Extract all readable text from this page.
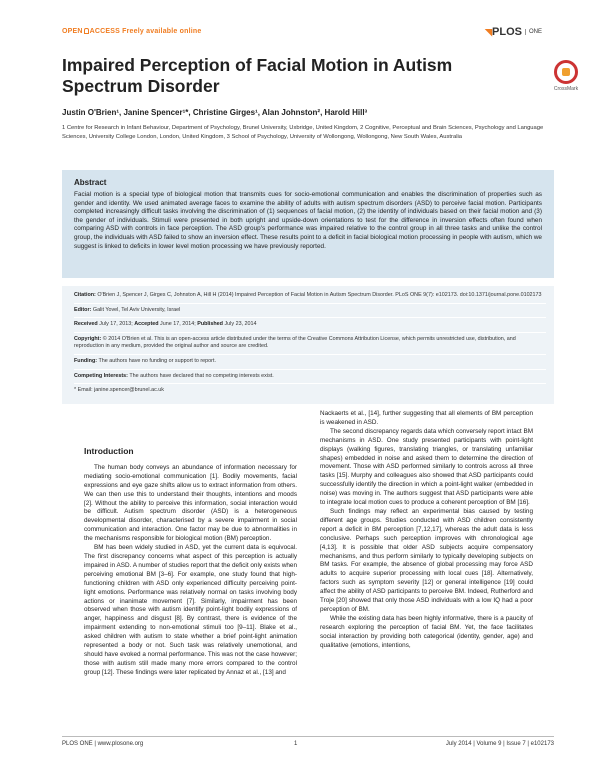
OPEN ACCESS Freely available online	◥PLOS ONE
Impaired Perception of Facial Motion in Autism Spectrum Disorder	CrossMark
Justin O'Brien¹, Janine Spencer¹*, Christine Girges¹, Alan Johnston², Harold Hill³
1 Centre for Research in Infant Behaviour, Department of Psychology, Brunel University, Uxbridge, United Kingdom, 2 Cognitive, Perceptual and Brain Sciences, Psychology and Language Sciences, University College London, London, United Kingdom, 3 School of Psychology, University of Wollongong, Wollongong, New South Wales, Australia
Abstract

Facial motion is a special type of biological motion that transmits cues for socio-emotional communication and enables the discrimination of properties such as gender and identity. We used animated average faces to examine the ability of adults with autism spectrum disorders (ASD) to perceive facial motion. Participants completed increasingly difficult tasks involving the discrimination of (1) sequences of facial motion, (2) the identity of individuals based on their facial motion and (3) the gender of individuals. Stimuli were presented in both upright and upside-down orientations to test for the difference in inversion effects often found when comparing ASD with controls in face perception. The ASD group's performance was impaired relative to the control group in all three tasks and unlike the control group, the individuals with ASD failed to show an inversion effect. These results point to a deficit in facial biological motion processing in people with autism, which we suggest is linked to deficits in lower level motion processing we have previously reported.

Citation: O'Brien J, Spencer J, Girges C, Johnston A, Hill H (2014) Impaired Perception of Facial Motion in Autism Spectrum Disorder. PLoS ONE 9(7): e102173. doi:10.1371/journal.pone.0102173
Editor: Galit Yovel, Tel Aviv University, Israel
Received July 17, 2013; Accepted June 17, 2014; Published July 23, 2014
Copyright: © 2014 O'Brien et al. This is an open-access article distributed under the terms of the Creative Commons Attribution License, which permits unrestricted use, distribution, and reproduction in any medium, provided the original author and source are credited.
Funding: The authors have no funding or support to report.
Competing Interests: The authors have declared that no competing interests exist.
* Email: janine.spencer@brunel.ac.uk
Introduction

The human body conveys an abundance of information necessary for mediating socio-emotional communication [1]. Bodily movements, facial expressions and eye gaze shifts allow us to extract information from others. We can then use this to understand their thoughts, intentions and moods [2]. Without the ability to perceive this information, social interaction would be difficult. Autism spectrum disorder (ASD) is a heterogeneous developmental disorder, characterised by a severe impairment in social communication and interaction. One factor may be due to abnormalities in the mechanisms responsible for biological motion (BM) perception.

BM has been widely studied in ASD, yet the current data is equivocal. The first discrepancy concerns what aspect of this perception is actually impaired in ASD. A number of studies report that the deficit only exists when perceiving emotional BM [3–6]. For example, one study found that high-functioning children with ASD only experienced difficulty perceiving point-light emotions. Performance was relatively normal on tasks involving body actions or inanimate movement [7]. Similarly, impairment has been observed when those with autism identify point-light bodily expressions of anger, happiness and disgust [8]. By contrast, there is evidence of the impairment extending to non-emotional stimuli too [9–11]. Blake et al., asked children with autism to state whether a brief point-light animation represented a body or not. Such task was relatively unemotional, and should have evoked a normal performance. This was not the case however; those with autism still made many more errors compared to the control group [12]. These findings were later replicated by Annaz et al., [13] and

Nackaerts et al., [14], further suggesting that all elements of BM perception is weakened in ASD.

The second discrepancy regards data which conversely report intact BM mechanisms in ASD. One study presented participants with point-light displays (walking figures, translating triangles, or translating unfamiliar shapes) embedded in noise and asked them to determine the direction of movement. Those with ASD performed similarly to controls across all three tasks [15]. Murphy and colleagues also showed that ASD participants could successfully identify the direction in which a point-light walker (embedded in noise) was moving in. The authors suggest that ASD participants were able to integrate local motion cues to produce a coherent perception of BM [16].

Such findings may reflect an experimental bias caused by testing different age groups. Studies conducted with ASD children consistently report a deficit in BM perception [7,12,17], whereas the adult data is less conclusive. Perhaps such perception improves with chronological age [4,13]. It is possible that older ASD subjects acquire compensatory mechanisms, and thus perform similarly to typically developing subjects on BM tasks. For example, the absence of global processing may force ASD adults to acquire superior processing with local cues [18]. Alternatively, factors such as symptom severity [12] or general intelligence [19] could affect the ability of ASD participants to perceive BM. Indeed, Rutherford and Troje [20] showed that only those ASD individuals with a low IQ had a poor perception of BM.

While the existing data has been highly informative, there is a paucity of research exploring the perception of facial BM. Yet, the face facilitates social interaction by providing both categorical (identity, gender, age) and qualitative (emotions, intentions,

PLOS ONE | www.plosone.org	1	July 2014 | Volume 9 | Issue 7 | e102173
